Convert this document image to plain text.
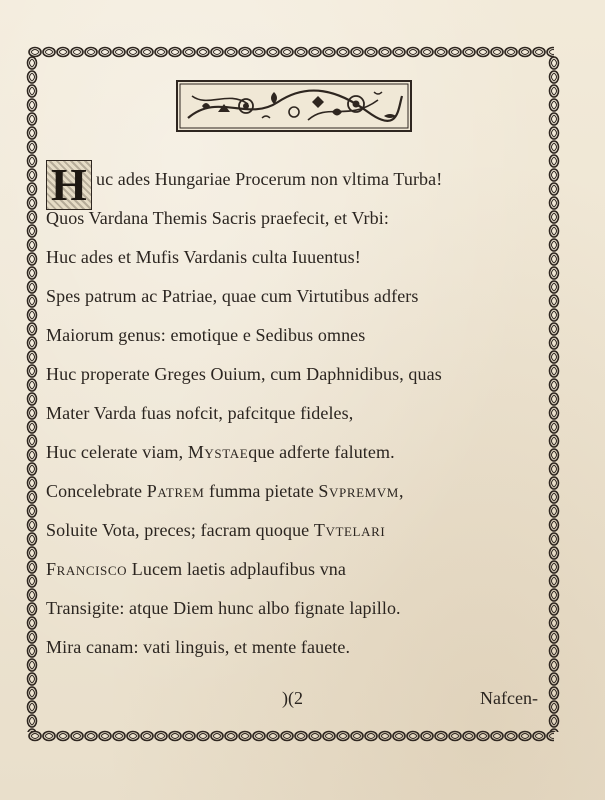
H uc ades Hungariae Procerum non vltima Turba!
Quos Vardana Themis Sacris praefecit, et Vrbi:
Huc ades et Mufis Vardanis culta Iuuentus!
Spes patrum ac Patriae, quae cum Virtutibus adfers
Maiorum genus: emotique e Sedibus omnes
Huc properate Greges Ouium, cum Daphnidibus, quas
Mater Varda fuas nofcit, pafcitque fideles,
Huc celerate viam, Mystaeque adferte falutem.
Concelebrate Patrem fumma pietate Svpremvm,
Soluite Vota, preces; facram quoque Tvtelari
Francisco Lucem laetis adplaufibus vna
Transigite: atque Diem hunc albo fignate lapillo.
Mira canam: vati linguis, et mente fauete.
)(2	Nafcen-
